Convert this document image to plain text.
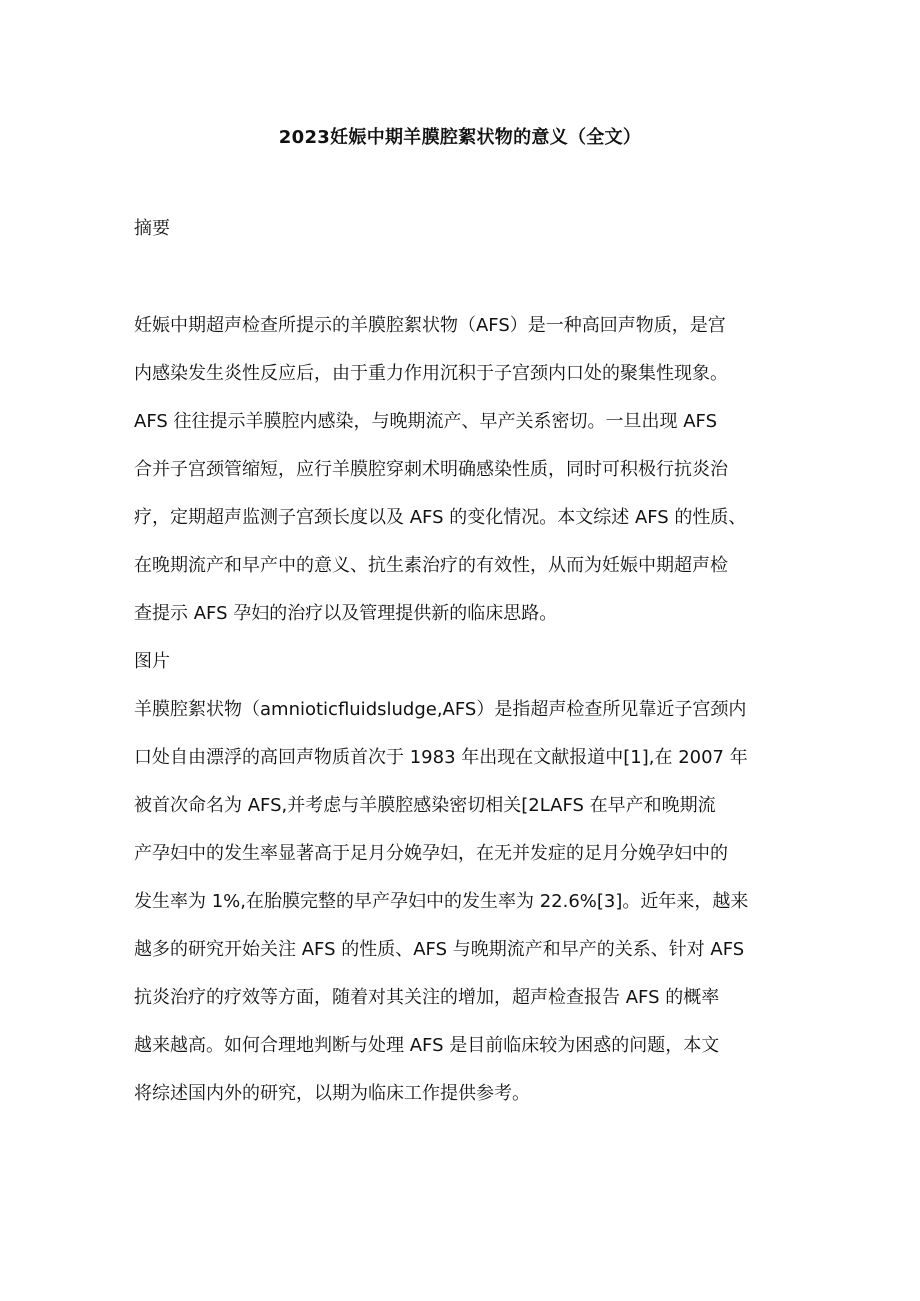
2023妊娠中期羊膜腔絮状物的意义（全文）
摘要

妊娠中期超声检查所提示的羊膜腔絮状物（AFS）是一种高回声物质，是宫
内感染发生炎性反应后，由于重力作用沉积于子宫颈内口处的聚集性现象。
AFS 往往提示羊膜腔内感染，与晚期流产、早产关系密切。一旦出现 AFS
合并子宫颈管缩短，应行羊膜腔穿刺术明确感染性质，同时可积极行抗炎治
疗，定期超声监测子宫颈长度以及 AFS 的变化情况。本文综述 AFS 的性质、
在晚期流产和早产中的意义、抗生素治疗的有效性，从而为妊娠中期超声检
查提示 AFS 孕妇的治疗以及管理提供新的临床思路。

图片

羊膜腔絮状物（amnioticfluidsludge,AFS）是指超声检查所见靠近子宫颈内
口处自由漂浮的高回声物质首次于 1983 年出现在文献报道中[1],在 2007 年
被首次命名为 AFS,并考虑与羊膜腔感染密切相关[2LAFS 在早产和晚期流
产孕妇中的发生率显著高于足月分娩孕妇，在无并发症的足月分娩孕妇中的
发生率为 1%,在胎膜完整的早产孕妇中的发生率为 22.6%[3]。近年来，越来
越多的研究开始关注 AFS 的性质、AFS 与晚期流产和早产的关系、针对 AFS
抗炎治疗的疗效等方面，随着对其关注的增加，超声检查报告 AFS 的概率
越来越高。如何合理地判断与处理 AFS 是目前临床较为困惑的问题，本文
将综述国内外的研究，以期为临床工作提供参考。
